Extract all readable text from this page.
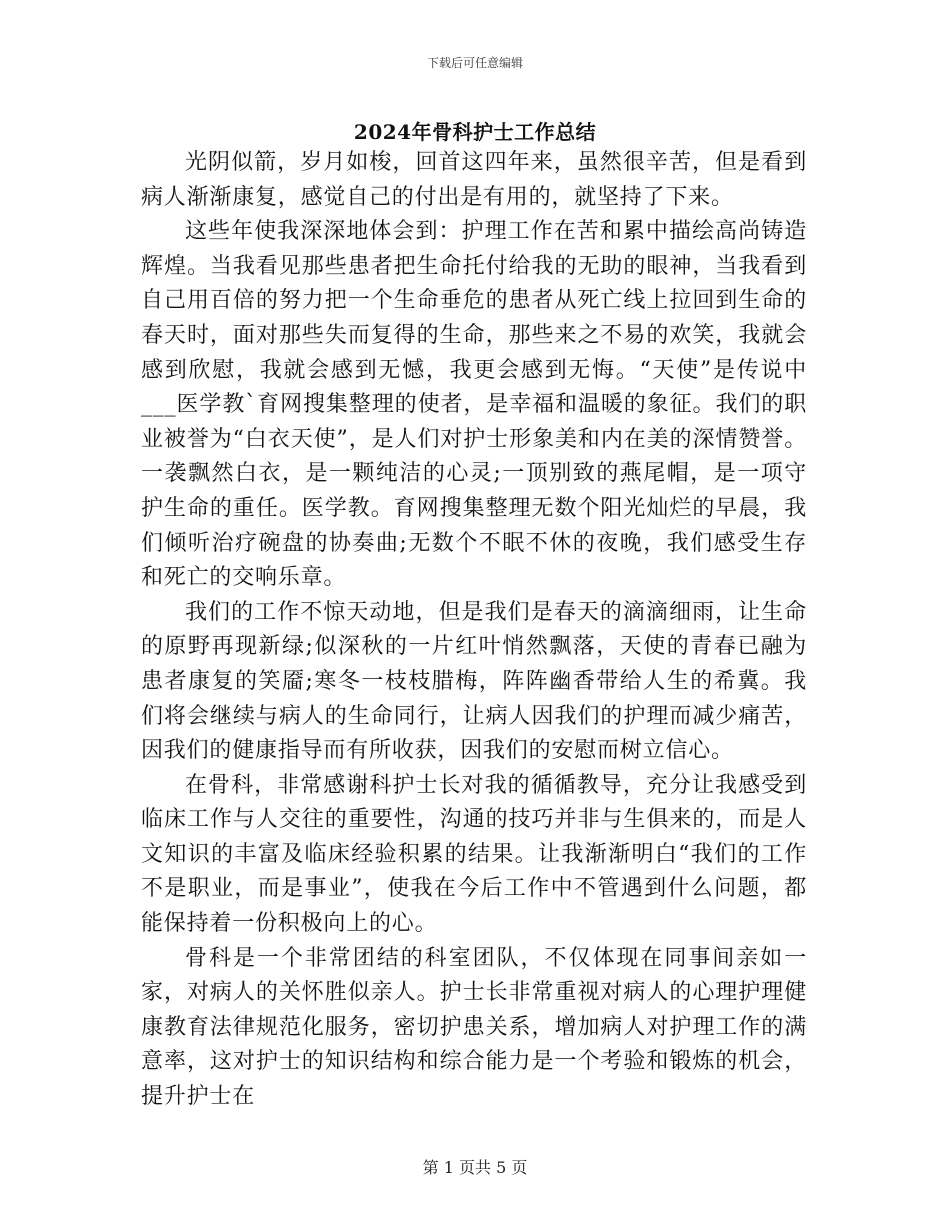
下载后可任意编辑
2024年骨科护士工作总结

光阴似箭，岁月如梭，回首这四年来，虽然很辛苦，但是看到病人渐渐康复，感觉自己的付出是有用的，就坚持了下来。

这些年使我深深地体会到：护理工作在苦和累中描绘高尚铸造辉煌。当我看见那些患者把生命托付给我的无助的眼神，当我看到自己用百倍的努力把一个生命垂危的患者从死亡线上拉回到生命的春天时，面对那些失而复得的生命，那些来之不易的欢笑，我就会感到欣慰，我就会感到无憾，我更会感到无悔。“天使”是传说中___医学教`育网搜集整理的使者，是幸福和温暖的象征。我们的职业被誉为“白衣天使”，是人们对护士形象美和内在美的深情赞誉。一袭飘然白衣，是一颗纯洁的心灵;一顶别致的燕尾帽，是一项守护生命的重任。医学教。育网搜集整理无数个阳光灿烂的早晨，我们倾听治疗碗盘的协奏曲;无数个不眠不休的夜晚，我们感受生存和死亡的交响乐章。

我们的工作不惊天动地，但是我们是春天的滴滴细雨，让生命的原野再现新绿;似深秋的一片红叶悄然飘落，天使的青春已融为患者康复的笑靥;寒冬一枝枝腊梅，阵阵幽香带给人生的希冀。我们将会继续与病人的生命同行，让病人因我们的护理而减少痛苦，因我们的健康指导而有所收获，因我们的安慰而树立信心。

在骨科，非常感谢科护士长对我的循循教导，充分让我感受到临床工作与人交往的重要性，沟通的技巧并非与生俱来的，而是人文知识的丰富及临床经验积累的结果。让我渐渐明白“我们的工作不是职业，而是事业”，使我在今后工作中不管遇到什么问题，都能保持着一份积极向上的心。

骨科是一个非常团结的科室团队，不仅体现在同事间亲如一家，对病人的关怀胜似亲人。护士长非常重视对病人的心理护理健康教育法律规范化服务，密切护患关系，增加病人对护理工作的满意率，这对护士的知识结构和综合能力是一个考验和锻炼的机会，提升护士在

第 1 页共 5 页
